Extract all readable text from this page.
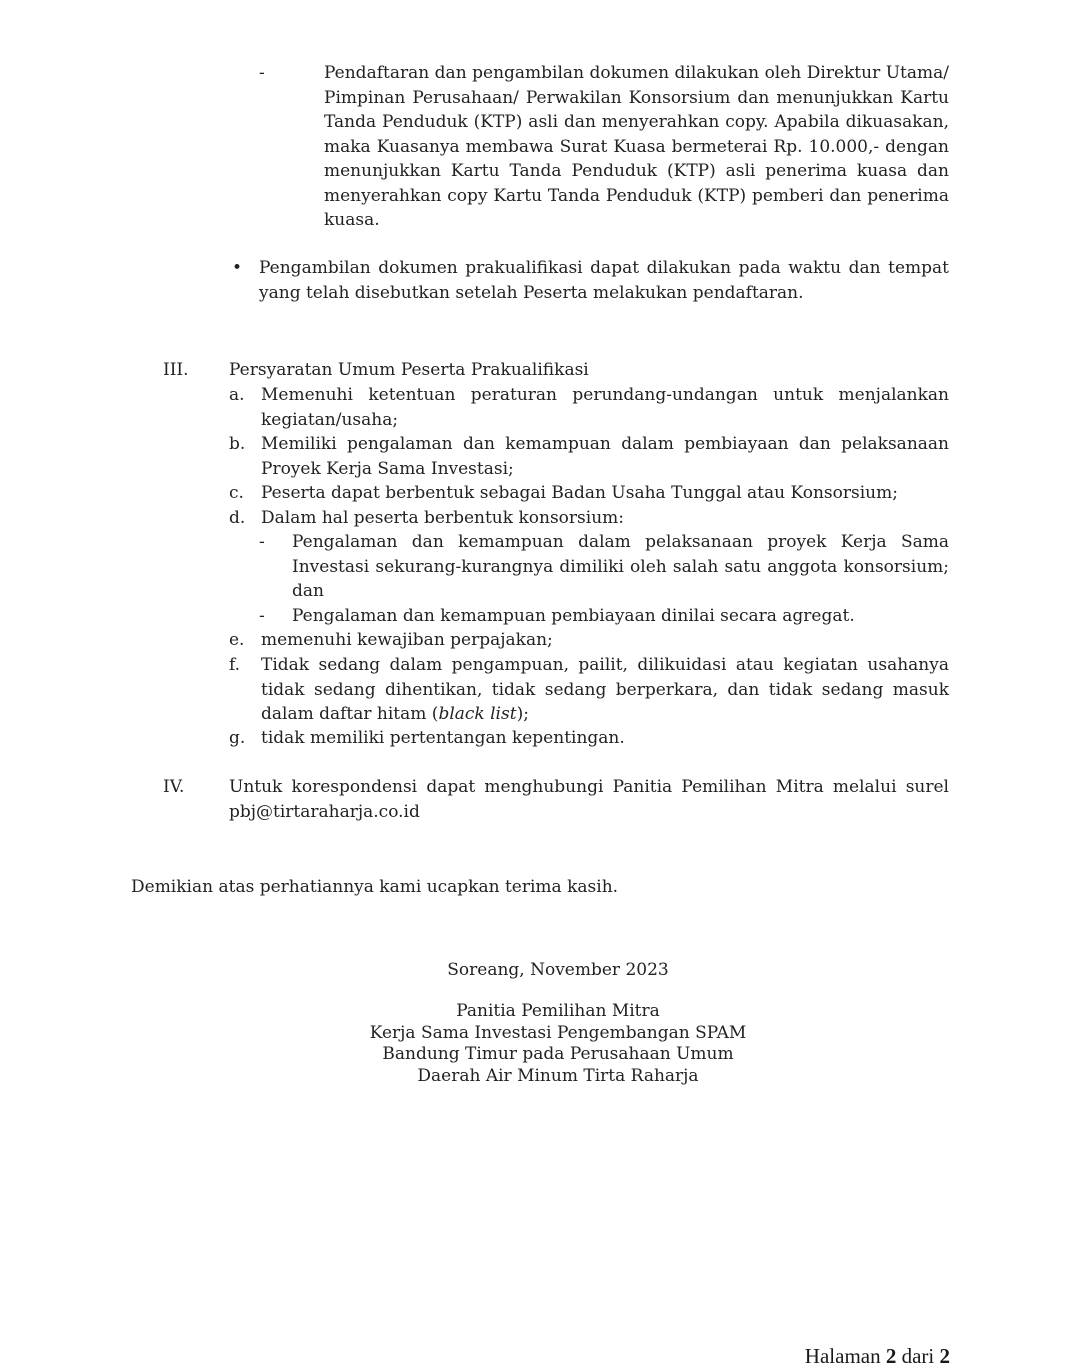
-	Pendaftaran dan pengambilan dokumen dilakukan oleh Direktur Utama/ Pimpinan Perusahaan/ Perwakilan Konsorsium dan menunjukkan Kartu Tanda Penduduk (KTP) asli dan menyerahkan copy. Apabila dikuasakan, maka Kuasanya membawa Surat Kuasa bermeterai Rp. 10.000,- dengan menunjukkan Kartu Tanda Penduduk (KTP) asli penerima kuasa dan menyerahkan copy Kartu Tanda Penduduk (KTP) pemberi dan penerima kuasa.
• Pengambilan dokumen prakualifikasi dapat dilakukan pada waktu dan tempat yang telah disebutkan setelah Peserta melakukan pendaftaran.
III. Persyaratan Umum Peserta Prakualifikasi
a. Memenuhi ketentuan peraturan perundang-undangan untuk menjalankan kegiatan/usaha;
b. Memiliki pengalaman dan kemampuan dalam pembiayaan dan pelaksanaan Proyek Kerja Sama Investasi;
c. Peserta dapat berbentuk sebagai Badan Usaha Tunggal atau Konsorsium;
d. Dalam hal peserta berbentuk konsorsium:
- Pengalaman dan kemampuan dalam pelaksanaan proyek Kerja Sama Investasi sekurang-kurangnya dimiliki oleh salah satu anggota konsorsium; dan
- Pengalaman dan kemampuan pembiayaan dinilai secara agregat.
e. memenuhi kewajiban perpajakan;
f. Tidak sedang dalam pengampuan, pailit, dilikuidasi atau kegiatan usahanya tidak sedang dihentikan, tidak sedang berperkara, dan tidak sedang masuk dalam daftar hitam (black list);
g. tidak memiliki pertentangan kepentingan.
IV.	Untuk korespondensi dapat menghubungi Panitia Pemilihan Mitra melalui surel pbj@tirtaraharja.co.id
Demikian atas perhatiannya kami ucapkan terima kasih.
Soreang, November 2023
Panitia Pemilihan Mitra
Kerja Sama Investasi Pengembangan SPAM
Bandung Timur pada Perusahaan Umum
Daerah Air Minum Tirta Raharja
Halaman 2 dari 2
